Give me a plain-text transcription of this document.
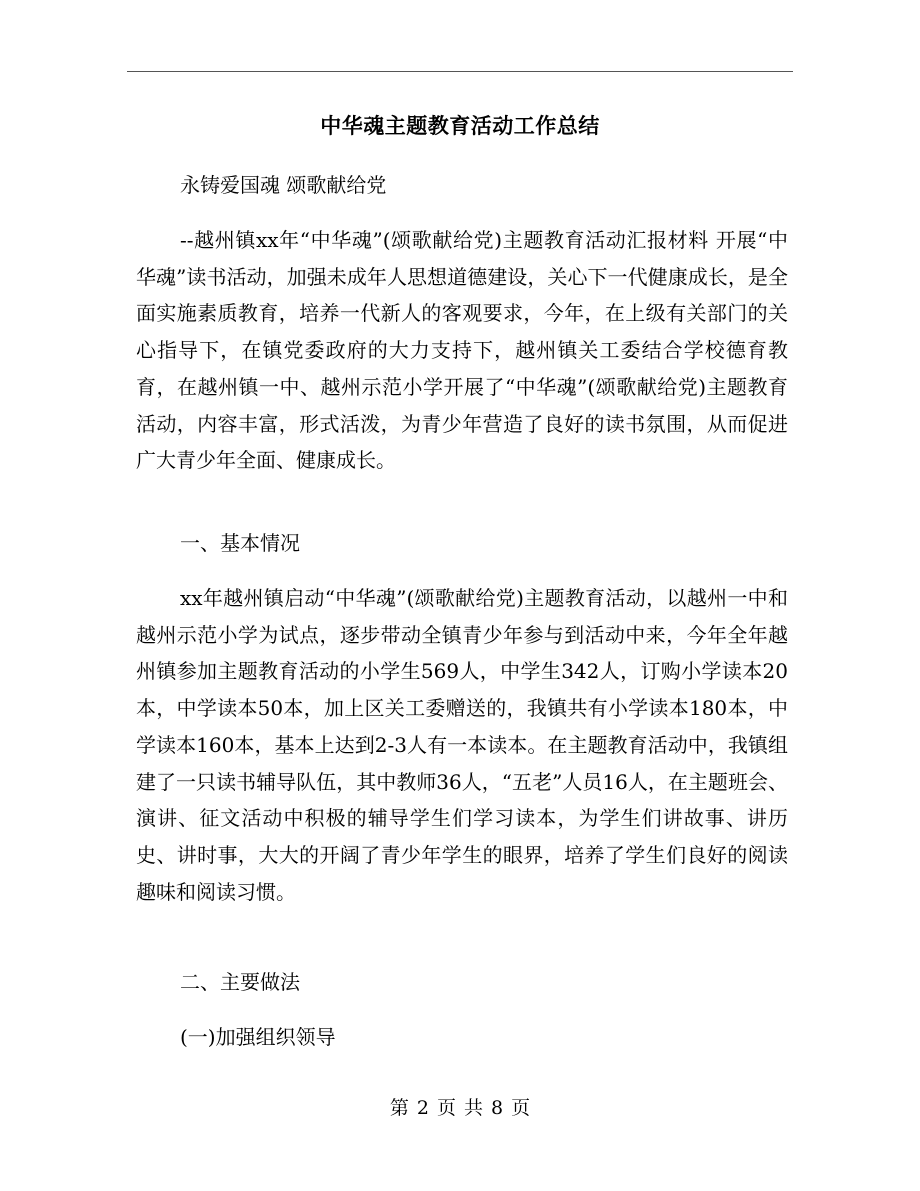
中华魂主题教育活动工作总结
永铸爱国魂 颂歌献给党
--越州镇xx年“中华魂”(颂歌献给党)主题教育活动汇报材料 开展“中华魂”读书活动，加强未成年人思想道德建设，关心下一代健康成长，是全面实施素质教育，培养一代新人的客观要求，今年，在上级有关部门的关心指导下，在镇党委政府的大力支持下，越州镇关工委结合学校德育教育，在越州镇一中、越州示范小学开展了“中华魂”(颂歌献给党)主题教育活动，内容丰富，形式活泼，为青少年营造了良好的读书氛围，从而促进广大青少年全面、健康成长。
一、基本情况
xx年越州镇启动“中华魂”(颂歌献给党)主题教育活动，以越州一中和越州示范小学为试点，逐步带动全镇青少年参与到活动中来，今年全年越州镇参加主题教育活动的小学生569人，中学生342人，订购小学读本20本，中学读本50本，加上区关工委赠送的，我镇共有小学读本180本，中学读本160本，基本上达到2-3人有一本读本。在主题教育活动中，我镇组建了一只读书辅导队伍，其中教师36人，“五老”人员16人，在主题班会、演讲、征文活动中积极的辅导学生们学习读本，为学生们讲故事、讲历史、讲时事，大大的开阔了青少年学生的眼界，培养了学生们良好的阅读趣味和阅读习惯。
二、主要做法
(一)加强组织领导
第 2 页 共 8 页
